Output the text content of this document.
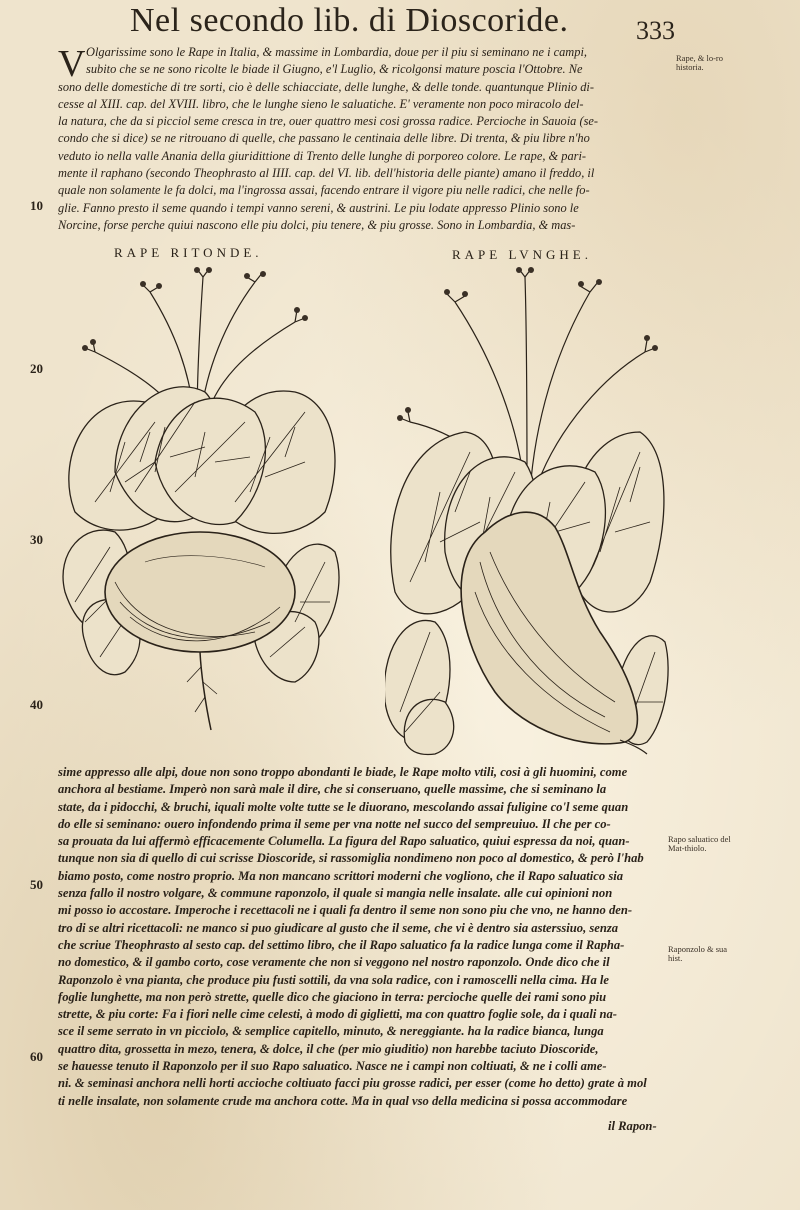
Nel secondo lib. di Dioscoride.	333
V Olgarissime sono le Rape in Italia, & massime in Lombardia, doue per il piu si seminano ne i campi,
subito che se ne sono ricolte le biade il Giugno, e'l Luglio, & ricolgonsi mature poscia l'Ottobre. Ne
sono delle domestiche di tre sorti, cio è delle schiacciate, delle lunghe, & delle tonde. quantunque Plinio di-
cesse al XIII. cap. del XVIII. libro, che le lunghe sieno le saluatiche. E' veramente non poco miracolo del-
la natura, che da si picciol seme cresca in tre, ouer quattro mesi cosi grossa radice. Percioche in Sauoia (se-
condo che si dice) se ne ritrouano di quelle, che passano le centinaia delle libre. Di trenta, & piu libre n'ho
veduto io nella valle Anania della giuridittione di Trento delle lunghe di porporeo colore. Le rape, & pari-
mente il raphano (secondo Theophrasto al IIII. cap. del VI. lib. dell'historia delle piante) amano il freddo, il
quale non solamente le fa dolci, ma l'ingrossa assai, facendo entrare il vigore piu nelle radici, che nelle fo-
glie. Fanno presto il seme quando i tempi vanno sereni, & austrini. Le piu lodate appresso Plinio sono le
Norcine, forse perche quiui nascono elle piu dolci, piu tenere, & piu grosse. Sono in Lombardia, & mas-
Rape, & lo-ro historia.
Rapo saluatico del Mat-thiolo.
Raponzolo & sua hist.
10
20
30
40
50
60
RAPE RITONDE.	RAPE LVNGHE.
sime appresso alle alpi, doue non sono troppo abondanti le biade, le Rape molto vtili, cosi à gli huomini, come
anchora al bestiame. Imperò non sarà male il dire, che si conseruano, quelle massime, che si seminano la
state, da i pidocchi, & bruchi, iquali molte volte tutte se le diuorano, mescolando assai fuligine co'l seme quan
do elle si seminano: ouero infondendo prima il seme per vna notte nel succo del sempreuiuo. Il che per co-
sa prouata da lui affermò efficacemente Columella. La figura del Rapo saluatico, quiui espressa da noi, quan-
tunque non sia di quello di cui scrisse Dioscoride, si rassomiglia nondimeno non poco al domestico, & però l'hab
biamo posto, come nostro proprio. Ma non mancano scrittori moderni che vogliono, che il Rapo saluatico sia
senza fallo il nostro volgare, & commune raponzolo, il quale si mangia nelle insalate. alle cui opinioni non
mi posso io accostare. Imperoche i recettacoli ne i quali fa dentro il seme non sono piu che vno, ne hanno den-
tro di se altri ricettacoli: ne manco si puo giudicare al gusto che il seme, che vi è dentro sia asterssiuo, senza
che scriue Theophrasto al sesto cap. del settimo libro, che il Rapo saluatico fa la radice lunga come il Rapha-
no domestico, & il gambo corto, cose veramente che non si veggono nel nostro raponzolo. Onde dico che il
Raponzolo è vna pianta, che produce piu fusti sottili, da vna sola radice, con i ramoscelli nella cima. Ha le
foglie lunghette, ma non però strette, quelle dico che giaciono in terra: percioche quelle dei rami sono piu
strette, & piu corte: Fa i fiori nelle cime celesti, à modo di giglietti, ma con quattro foglie sole, da i quali na-
sce il seme serrato in vn picciolo, & semplice capitello, minuto, & nereggiante. ha la radice bianca, lunga
quattro dita, grossetta in mezo, tenera, & dolce, il che (per mio giuditio) non harebbe taciuto Dioscoride,
se hauesse tenuto il Raponzolo per il suo Rapo saluatico. Nasce ne i campi non coltiuati, & ne i colli ame-
ni. & seminasi anchora nelli horti accioche coltiuato facci piu grosse radici, per esser (come ho detto) grate à mol
ti nelle insalate, non solamente crude ma anchora cotte. Ma in qual vso della medicina si possa accommodare
il Rapon-
